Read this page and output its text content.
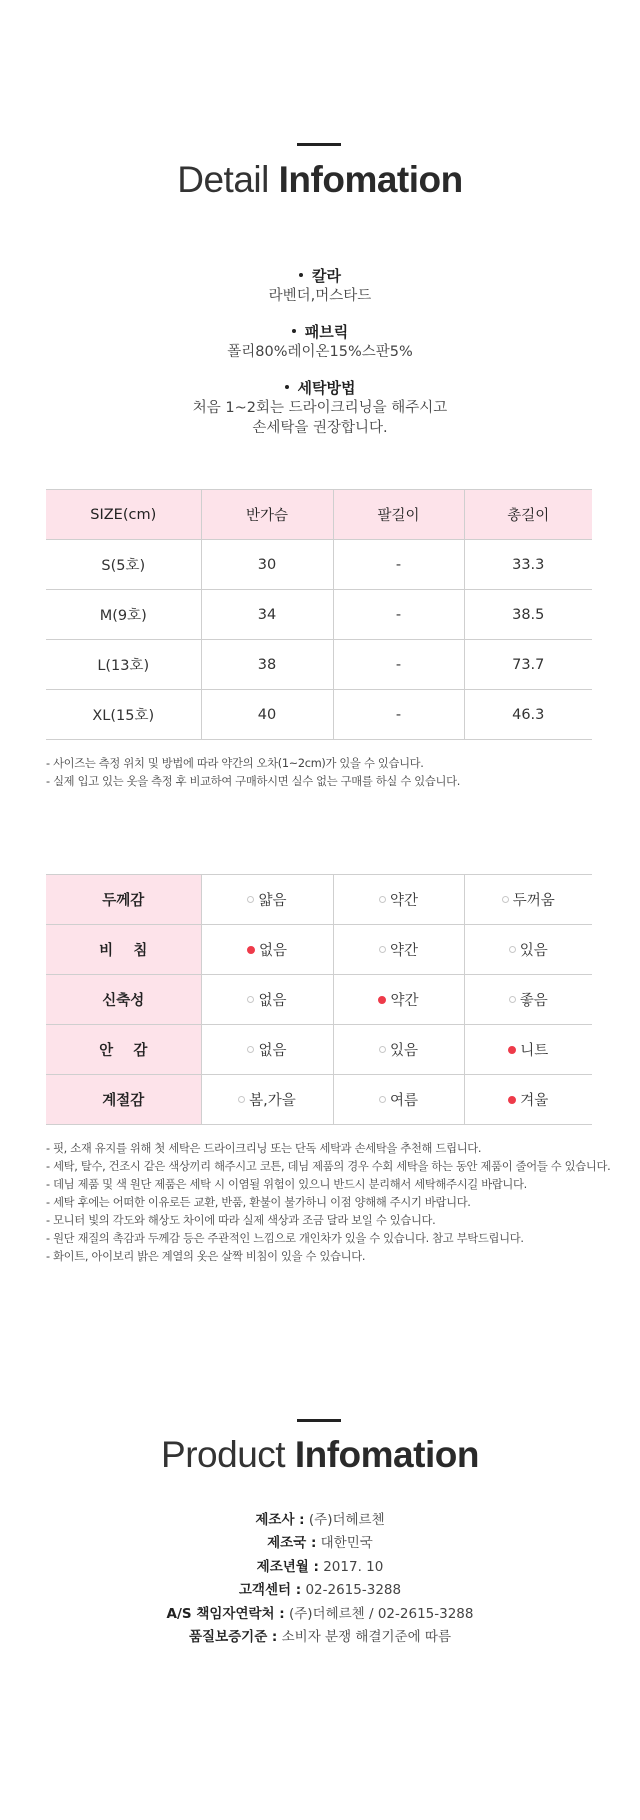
Detail Infomation
칼라
라벤더,머스타드
패브릭
폴리80%레이온15%스판5%
세탁방법
처음 1~2회는 드라이크리닝을 해주시고
손세탁을 권장합니다.
SIZE(cm)	반가슴	팔길이	총길이
S(5호)	30	-	33.3
M(9호)	34	-	38.5
L(13호)	38	-	73.7
XL(15호)	40	-	46.3
- 사이즈는 측정 위치 및 방법에 따라 약간의 오차(1~2cm)가 있을 수 있습니다.
- 실제 입고 있는 옷을 측정 후 비교하여 구매하시면 실수 없는 구매를 하실 수 있습니다.
두께감	얇음	약간	두꺼움

비    침	없음	약간	있음

신축성	없음	약간	좋음

안    감	없음	있음	니트

계절감	봄,가을	여름	겨울
- 핏, 소재 유지를 위해 첫 세탁은 드라이크리닝 또는 단독 세탁과 손세탁을 추천해 드립니다.
- 세탁, 탈수, 건조시 같은 색상끼리 해주시고 코튼, 데님 제품의 경우 수회 세탁을 하는 동안 제품이 줄어들 수 있습니다.
- 데님 제품 및 색 원단 제품은 세탁 시 이염될 위험이 있으니 반드시 분리해서 세탁해주시길 바랍니다.
- 세탁 후에는 어떠한 이유로든 교환, 반품, 환불이 불가하니 이점 양해해 주시기 바랍니다.
- 모니터 빛의 각도와 해상도 차이에 따라 실제 색상과 조금 달라 보일 수 있습니다.
- 원단 재질의 촉감과 두께감 등은 주관적인 느낌으로 개인차가 있을 수 있습니다. 참고 부탁드립니다.
- 화이트, 아이보리 밝은 계열의 옷은 살짝 비침이 있을 수 있습니다.
Product Infomation
제조사 : (주)더헤르첸
제조국 : 대한민국
제조년월 : 2017. 10
고객센터 : 02-2615-3288
A/S 책임자연락처 : (주)더헤르첸 / 02-2615-3288
품질보증기준 : 소비자 분쟁 해결기준에 따름
